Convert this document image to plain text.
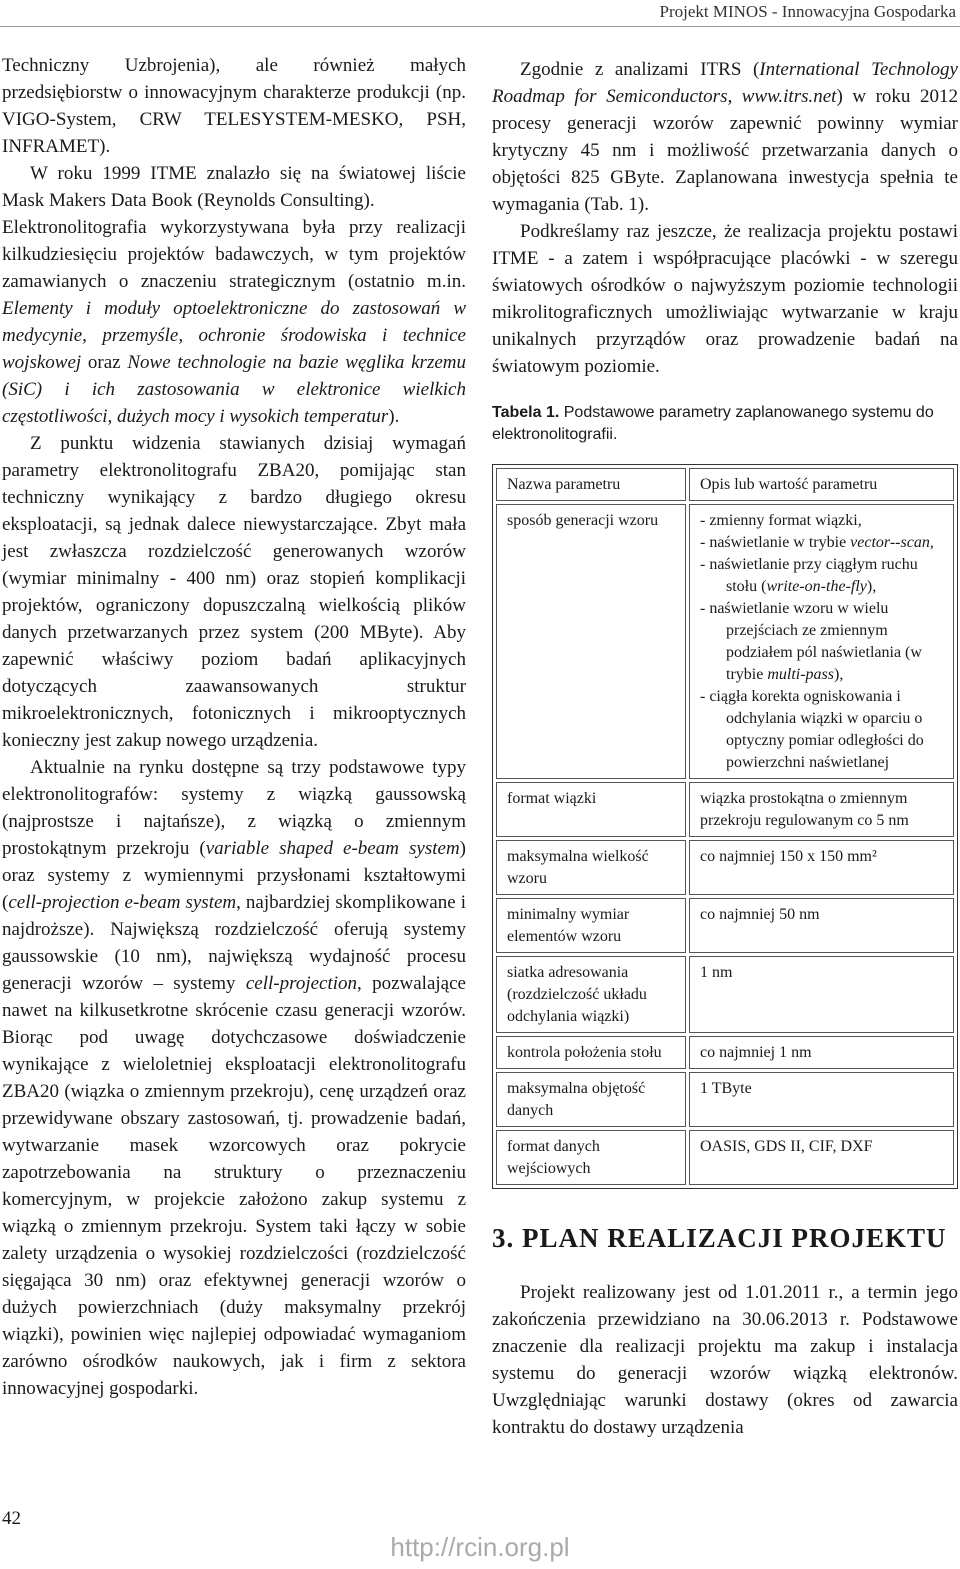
Projekt MINOS - Innowacyjna Gospodarka

Techniczny Uzbrojenia), ale również małych przedsiębiorstw o innowacyjnym charakterze produkcji (np. VIGO-System, CRW TELESYSTEM-MESKO, PSH, INFRAMET).

W roku 1999 ITME znalazło się na światowej liście Mask Makers Data Book (Reynolds Consulting).

Elektronolitografia wykorzystywana była przy realizacji kilkudziesięciu projektów badawczych, w tym projektów zamawianych o znaczeniu strategicznym (ostatnio m.in. Elementy i moduły optoelektroniczne do zastosowań w medycynie, przemyśle, ochronie środowiska i technice wojskowej oraz Nowe technologie na bazie węglika krzemu (SiC) i ich zastosowania w elektronice wielkich częstotliwości, dużych mocy i wysokich temperatur).

Z punktu widzenia stawianych dzisiaj wymagań parametry elektronolitografu ZBA20, pomijając stan techniczny wynikający z bardzo długiego okresu eksploatacji, są jednak dalece niewystarczające. Zbyt mała jest zwłaszcza rozdzielczość generowanych wzorów (wymiar minimalny - 400 nm) oraz stopień komplikacji projektów, ograniczony dopuszczalną wielkością plików danych przetwarzanych przez system (200 MByte). Aby zapewnić właściwy poziom badań aplikacyjnych dotyczących zaawansowanych struktur mikroelektronicznych, fotonicznych i mikrooptycznych konieczny jest zakup nowego urządzenia.

Aktualnie na rynku dostępne są trzy podstawowe typy elektronolitografów: systemy z wiązką gaussowską (najprostsze i najtańsze), z wiązką o zmiennym prostokątnym przekroju (variable shaped e-beam system) oraz systemy z wymiennymi przysłonami kształtowymi (cell-projection e-beam system, najbardziej skomplikowane i najdroższe). Największą rozdzielczość oferują systemy gaussowskie (10 nm), największą wydajność procesu generacji wzorów – systemy cell-projection, pozwalające nawet na kilkusetkrotne skrócenie czasu generacji wzorów. Biorąc pod uwagę dotychczasowe doświadczenie wynikające z wieloletniej eksploatacji elektronolitografu ZBA20 (wiązka o zmiennym przekroju), cenę urządzeń oraz przewidywane obszary zastosowań, tj. prowadzenie badań, wytwarzanie masek wzorcowych oraz pokrycie zapotrzebowania na struktury o przeznaczeniu komercyjnym, w projekcie założono zakup systemu z wiązką o zmiennym przekroju. System taki łączy w sobie zalety urządzenia o wysokiej rozdzielczości (rozdzielczość sięgająca 30 nm) oraz efektywnej generacji wzorów o dużych powierzchniach (duży maksymalny przekrój wiązki), powinien więc najlepiej odpowiadać wymaganiom zarówno ośrodków naukowych, jak i firm z sektora innowacyjnej gospodarki.

Zgodnie z analizami ITRS (International Technology Roadmap for Semiconductors, www.itrs.net) w roku 2012 procesy generacji wzorów zapewnić powinny wymiar krytyczny 45 nm i możliwość przetwarzania danych o objętości 825 GByte. Zaplanowana inwestycja spełnia te wymagania (Tab. 1).

Podkreślamy raz jeszcze, że realizacja projektu postawi ITME - a zatem i współpracujące placówki - w szeregu światowych ośrodków o najwyższym poziomie technologii mikrolitograficznych umożliwiając wytwarzanie w kraju unikalnych przyrządów oraz prowadzenie badań na światowym poziomie.

Tabela 1. Podstawowe parametry zaplanowanego systemu do elektronolitografii.

Nazwa parametru	Opis lub wartość parametru
sposób generacji wzoru	- zmienny format wiązki,
- naświetlanie w trybie vector--scan,
- naświetlanie przy ciągłym ruchu stołu (write-on-the-fly),
- naświetlanie wzoru w wielu przejściach ze zmiennym podziałem pól naświetlania (w trybie multi-pass),
- ciągła korekta ogniskowania i odchylania wiązki w oparciu o optyczny pomiar odległości do powierzchni naświetlanej

format wiązki	wiązka prostokątna o zmiennym przekroju regulowanym co 5 nm
maksymalna wielkość wzoru	co najmniej 150 x 150 mm²
minimalny wymiar elementów wzoru	co najmniej 50 nm
siatka adresowania (rozdzielczość układu odchylania wiązki)	1 nm
kontrola położenia stołu	co najmniej 1 nm
maksymalna objętość danych	1 TByte
format danych wejściowych	OASIS, GDS II, CIF, DXF
3. PLAN REALIZACJI PROJEKTU

Projekt realizowany jest od 1.01.2011 r., a termin jego zakończenia przewidziano na 30.06.2013 r. Podstawowe znaczenie dla realizacji projektu ma zakup i instalacja systemu do generacji wzorów wiązką elektronów. Uwzględniając warunki dostawy (okres od zawarcia kontraktu do dostawy urządzenia

42
http://rcin.org.pl
